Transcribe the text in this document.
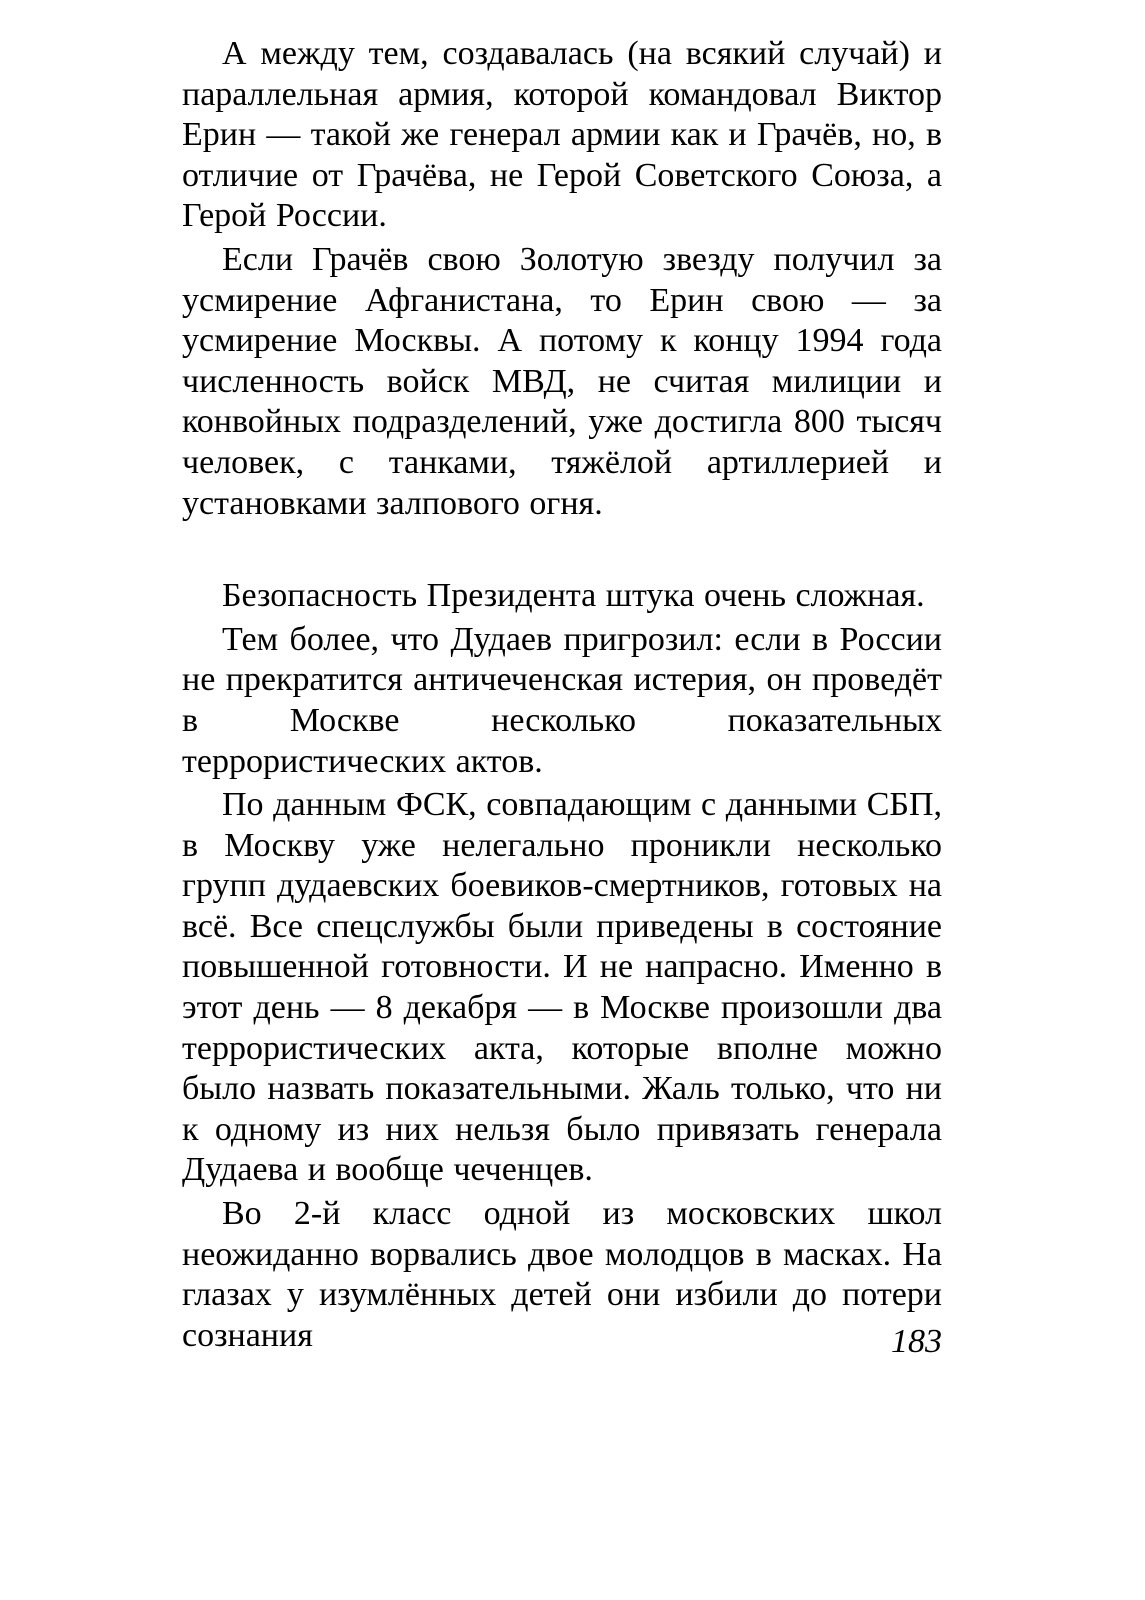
А между тем, создавалась (на всякий случай) и параллельная армия, которой командовал Виктор Ерин — такой же генерал армии как и Грачёв, но, в отличие от Грачёва, не Герой Советского Союза, а Герой России.

Если Грачёв свою Золотую звезду получил за усмирение Афганистана, то Ерин свою — за усмирение Москвы. А потому к концу 1994 года численность войск МВД, не считая милиции и конвойных подразделений, уже достигла 800 тысяч человек, с танками, тяжёлой артиллерией и установками залпового огня.

Безопасность Президента штука очень сложная.

Тем более, что Дудаев пригрозил: если в России не прекратится античеченская истерия, он проведёт в Москве несколько показательных террористических актов.

По данным ФСК, совпадающим с данными СБП, в Москву уже нелегально проникли несколько групп дудаевских боевиков-смертников, готовых на всё. Все спецслужбы были приведены в состояние повышенной готовности. И не напрасно. Именно в этот день — 8 декабря — в Москве произошли два террористических акта, которые вполне можно было назвать показательными. Жаль только, что ни к одному из них нельзя было привязать генерала Дудаева и вообще чеченцев.

Во 2-й класс одной из московских школ неожиданно ворвались двое молодцов в масках. На глазах у изумлённых детей они избили до потери сознания	183
